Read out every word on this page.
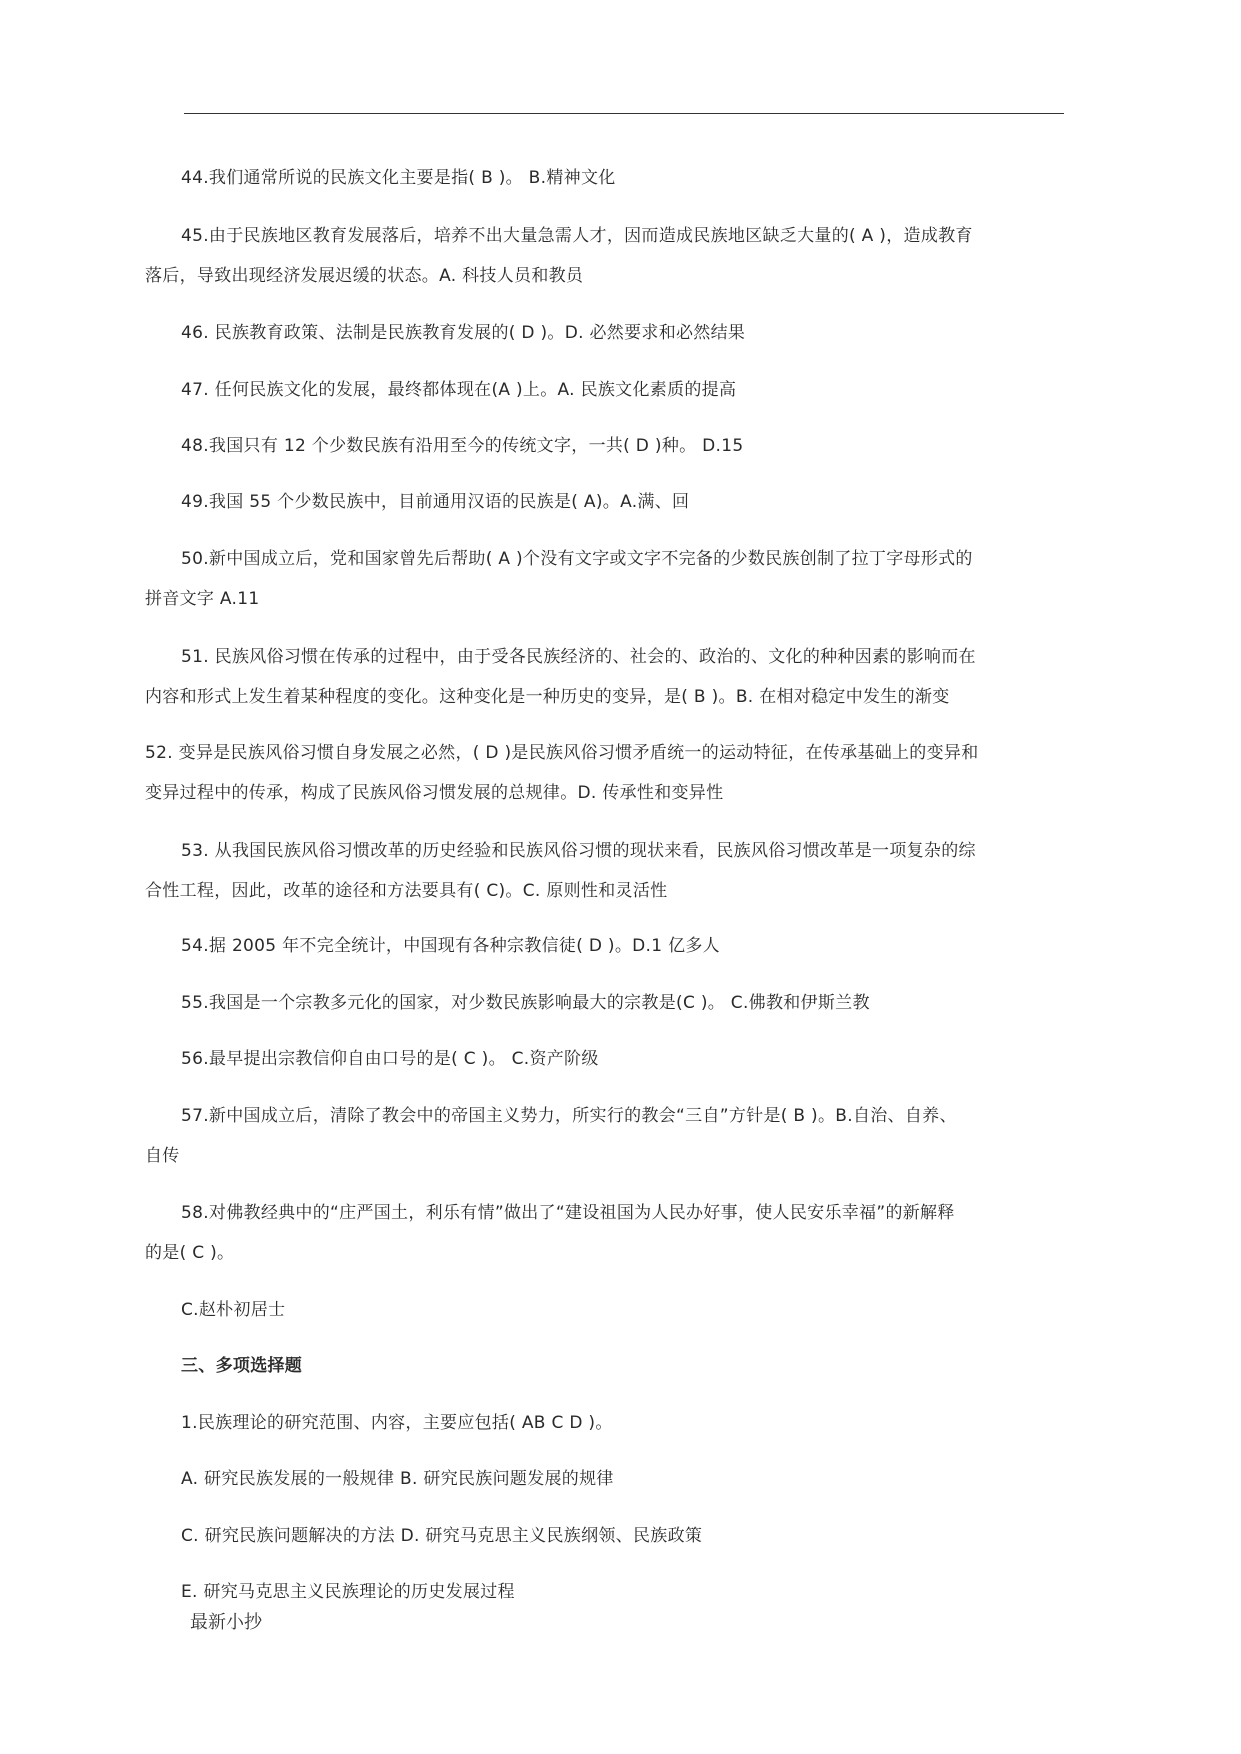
44.我们通常所说的民族文化主要是指( B )。 B.精神文化
45.由于民族地区教育发展落后，培养不出大量急需人才，因而造成民族地区缺乏大量的( A )，造成教育
落后，导致出现经济发展迟缓的状态。A. 科技人员和教员
46. 民族教育政策、法制是民族教育发展的( D )。D. 必然要求和必然结果
47. 任何民族文化的发展，最终都体现在(A )上。A. 民族文化素质的提高
48.我国只有 12 个少数民族有沿用至今的传统文字，一共( D )种。 D.15
49.我国 55 个少数民族中，目前通用汉语的民族是( A)。A.满、回
50.新中国成立后，党和国家曾先后帮助( A )个没有文字或文字不完备的少数民族创制了拉丁字母形式的
拼音文字 A.11
51. 民族风俗习惯在传承的过程中，由于受各民族经济的、社会的、政治的、文化的种种因素的影响而在
内容和形式上发生着某种程度的变化。这种变化是一种历史的变异，是( B )。B. 在相对稳定中发生的渐变
52. 变异是民族风俗习惯自身发展之必然，( D )是民族风俗习惯矛盾统一的运动特征，在传承基础上的变异和
变异过程中的传承，构成了民族风俗习惯发展的总规律。D. 传承性和变异性
53. 从我国民族风俗习惯改革的历史经验和民族风俗习惯的现状来看，民族风俗习惯改革是一项复杂的综
合性工程，因此，改革的途径和方法要具有( C)。C. 原则性和灵活性
54.据 2005 年不完全统计，中国现有各种宗教信徒( D )。D.1 亿多人
55.我国是一个宗教多元化的国家，对少数民族影响最大的宗教是(C )。 C.佛教和伊斯兰教
56.最早提出宗教信仰自由口号的是( C )。 C.资产阶级
57.新中国成立后，清除了教会中的帝国主义势力，所实行的教会“三自”方针是( B )。B.自治、自养、
自传
58.对佛教经典中的“庄严国土，利乐有情”做出了“建设祖国为人民办好事，使人民安乐幸福”的新解释
的是( C )。
C.赵朴初居士
三、多项选择题
1.民族理论的研究范围、内容，主要应包括( AB C D )。
A. 研究民族发展的一般规律 B. 研究民族问题发展的规律
C. 研究民族问题解决的方法 D. 研究马克思主义民族纲领、民族政策
E. 研究马克思主义民族理论的历史发展过程
最新小抄
